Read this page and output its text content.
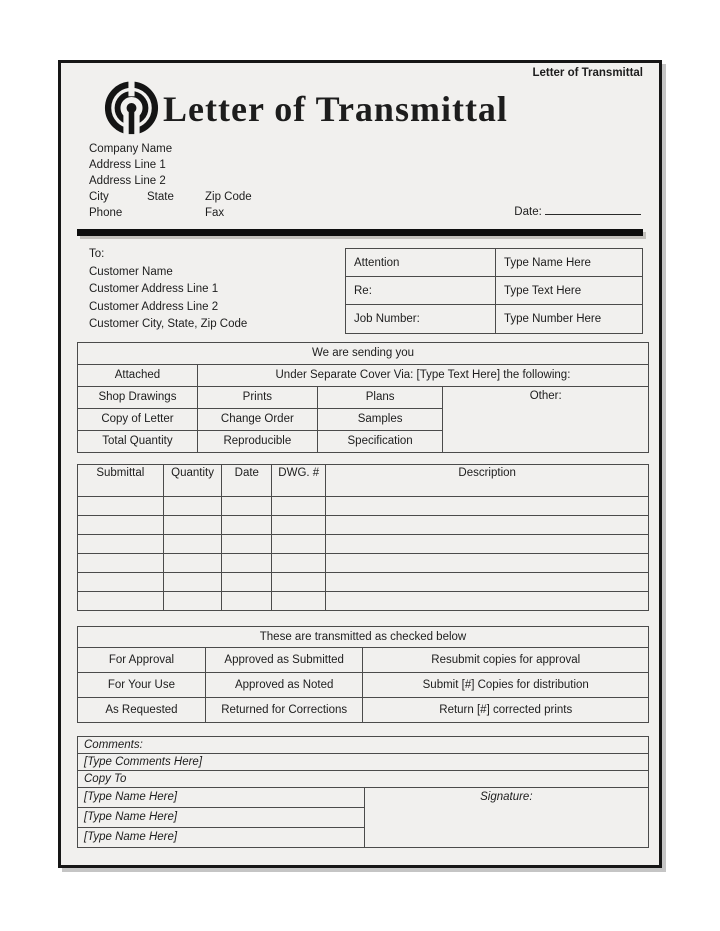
Letter of Transmittal
Letter of Transmittal
Company Name
Address Line 1
Address Line 2
City	State	Zip Code
Phone	Fax	Date:
To:
Customer Name
Customer Address Line 1
Customer Address Line 2
Customer City, State, Zip Code
Attention	Type Name Here
Re:	Type Text Here
Job Number:	Type Number Here
We are sending you			
Attached	Under Separate Cover Via: [Type Text Here] the following:		
Shop Drawings	Prints	Plans	Other:
Copy of Letter	Change Order	Samples	
Total Quantity	Reproducible	Specification	
Submittal	Quantity	Date	DWG. #	Description

These are transmitted as checked below		
For Approval	Approved as Submitted	Resubmit copies for approval
For Your Use	Approved as Noted	Submit [#] Copies for distribution
As Requested	Returned for Corrections	Return [#] corrected prints
Comments:
[Type Comments Here]
Copy To
[Type Name Here]	Signature:
[Type Name Here]
[Type Name Here]
